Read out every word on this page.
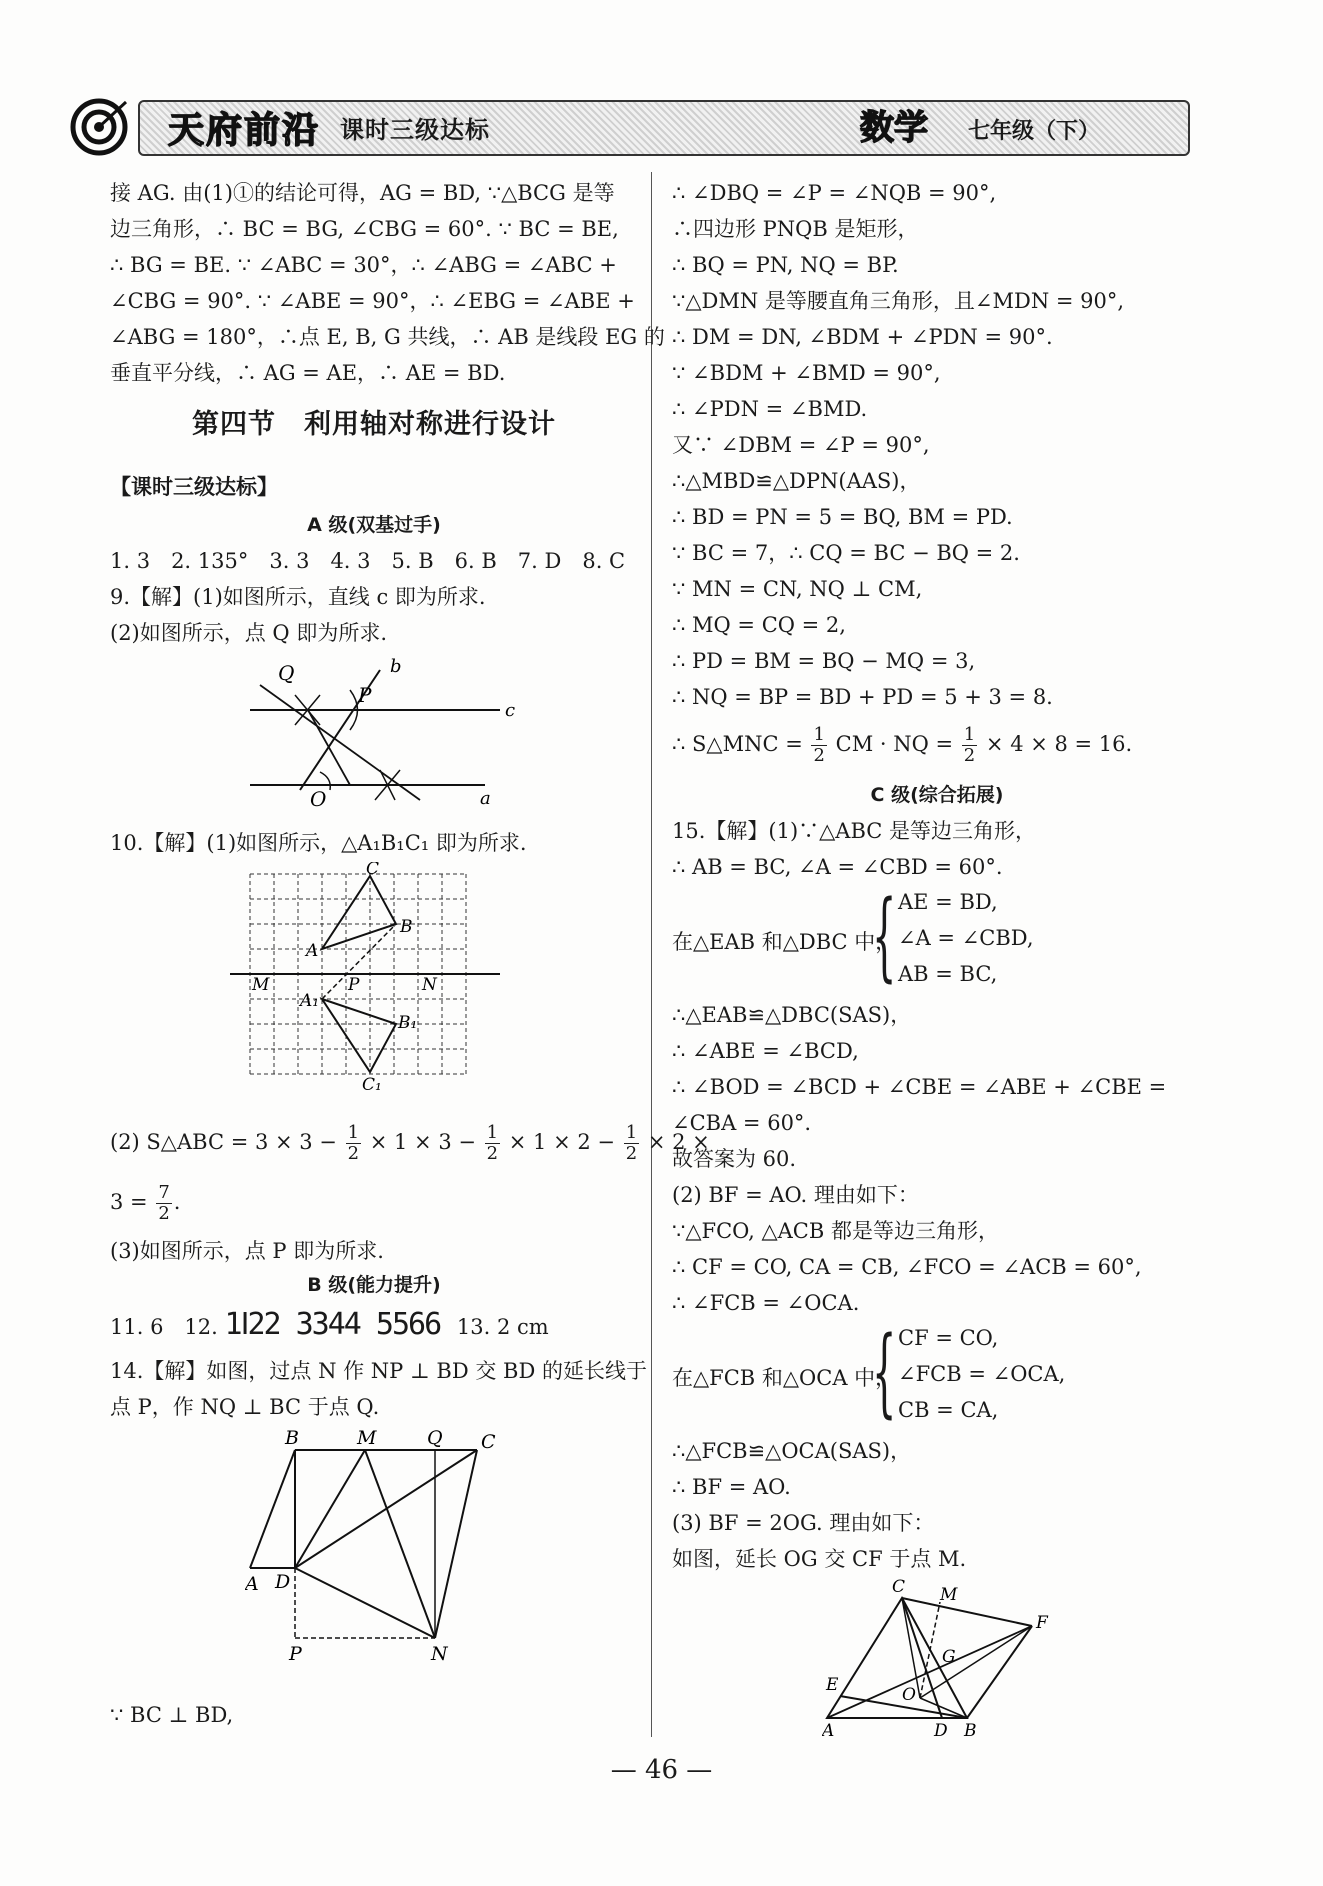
天府前沿 课时三级达标	数学 七年级（下）
接 AG. 由(1)①的结论可得，AG = BD, ∵△BCG 是等
边三角形，∴ BC = BG, ∠CBG = 60°. ∵ BC = BE,
∴ BG = BE. ∵ ∠ABC = 30°，∴ ∠ABG = ∠ABC +
∠CBG = 90°. ∵ ∠ABE = 90°，∴ ∠EBG = ∠ABE +
∠ABG = 180°，∴点 E, B, G 共线，∴ AB 是线段 EG 的
垂直平分线，∴ AG = AE，∴ AE = BD.
第四节　利用轴对称进行设计
【课时三级达标】
A 级(双基过手)
1. 3　2. 135°　3. 3　4. 3　5. B　6. B　7. D　8. C
9.【解】(1)如图所示，直线 c 即为所求.
(2)如图所示，点 Q 即为所求.
Q
P
b
c
O	a
10.【解】(1)如图所示，△A₁B₁C₁ 即为所求.
C
B
A
M	P	N
A₁
B₁
C₁
(2) S△ABC = $3 \times 3 - \frac{1}{2} \times 1 \times 3 - \frac{1}{2} \times 1 \times 2 - \frac{1}{2} \times 2$ ×
$3 = \frac{7}{2}$ .
(3)如图所示，点 P 即为所求.
B 级(能力提升)
11. 6　12. 1Ⅰ22 3344 5566 13. 2 cm
14.【解】如图，过点 N 作 NP ⊥ BD 交 BD 的延长线于
点 P，作 NQ ⊥ BC 于点 Q.
B	M	Q C
A D
P	N
∵ BC ⊥ BD,
∴ ∠DBQ = ∠P = ∠NQB = 90°,
∴四边形 PNQB 是矩形，
∴ BQ = PN, NQ = BP.
∵△DMN 是等腰直角三角形，且∠MDN = 90°,
∴ DM = DN, ∠BDM + ∠PDN = 90°.
∵ ∠BDM + ∠BMD = 90°,
∴ ∠PDN = ∠BMD.
又∵ ∠DBM = ∠P = 90°,
∴△MBD≌△DPN(AAS)，
∴ BD = PN = 5 = BQ, BM = PD.
∵ BC = 7，∴ CQ = BC − BQ = 2.
∵ MN = CN, NQ ⊥ CM,
∴ MQ = CQ = 2,
∴ PD = BM = BQ − MQ = 3,
∴ NQ = BP = BD + PD = 5 + 3 = 8.
∴ S△MNC = $\frac{1}{2}$ CM · NQ = $\frac{1}{2} \times 4 \times 8 = 16$.
C 级(综合拓展)
15.【解】(1)∵△ABC 是等边三角形，
∴ AB = BC, ∠A = ∠CBD = 60°.
在△EAB 和△DBC 中，
{ AE = BD,
∠A = ∠CBD,
AB = BC,
∴△EAB≌△DBC(SAS)，
∴ ∠ABE = ∠BCD,
∴ ∠BOD = ∠BCD + ∠CBE = ∠ABE + ∠CBE =
∠CBA = 60°.
故答案为 60.
(2) BF = AO. 理由如下：
∵△FCO, △ACB 都是等边三角形，
∴ CF = CO, CA = CB, ∠FCO = ∠ACB = 60°,
∴ ∠FCB = ∠OCA.
在△FCB 和△OCA 中，
{ CF = CO,
∠FCB = ∠OCA,
CB = CA,
∴△FCB≌△OCA(SAS)，
∴ BF = AO.
(3) BF = 2OG. 理由如下：
如图，延长 OG 交 CF 于点 M.
C M
F
G
E	O
A	D B
— 46 —
